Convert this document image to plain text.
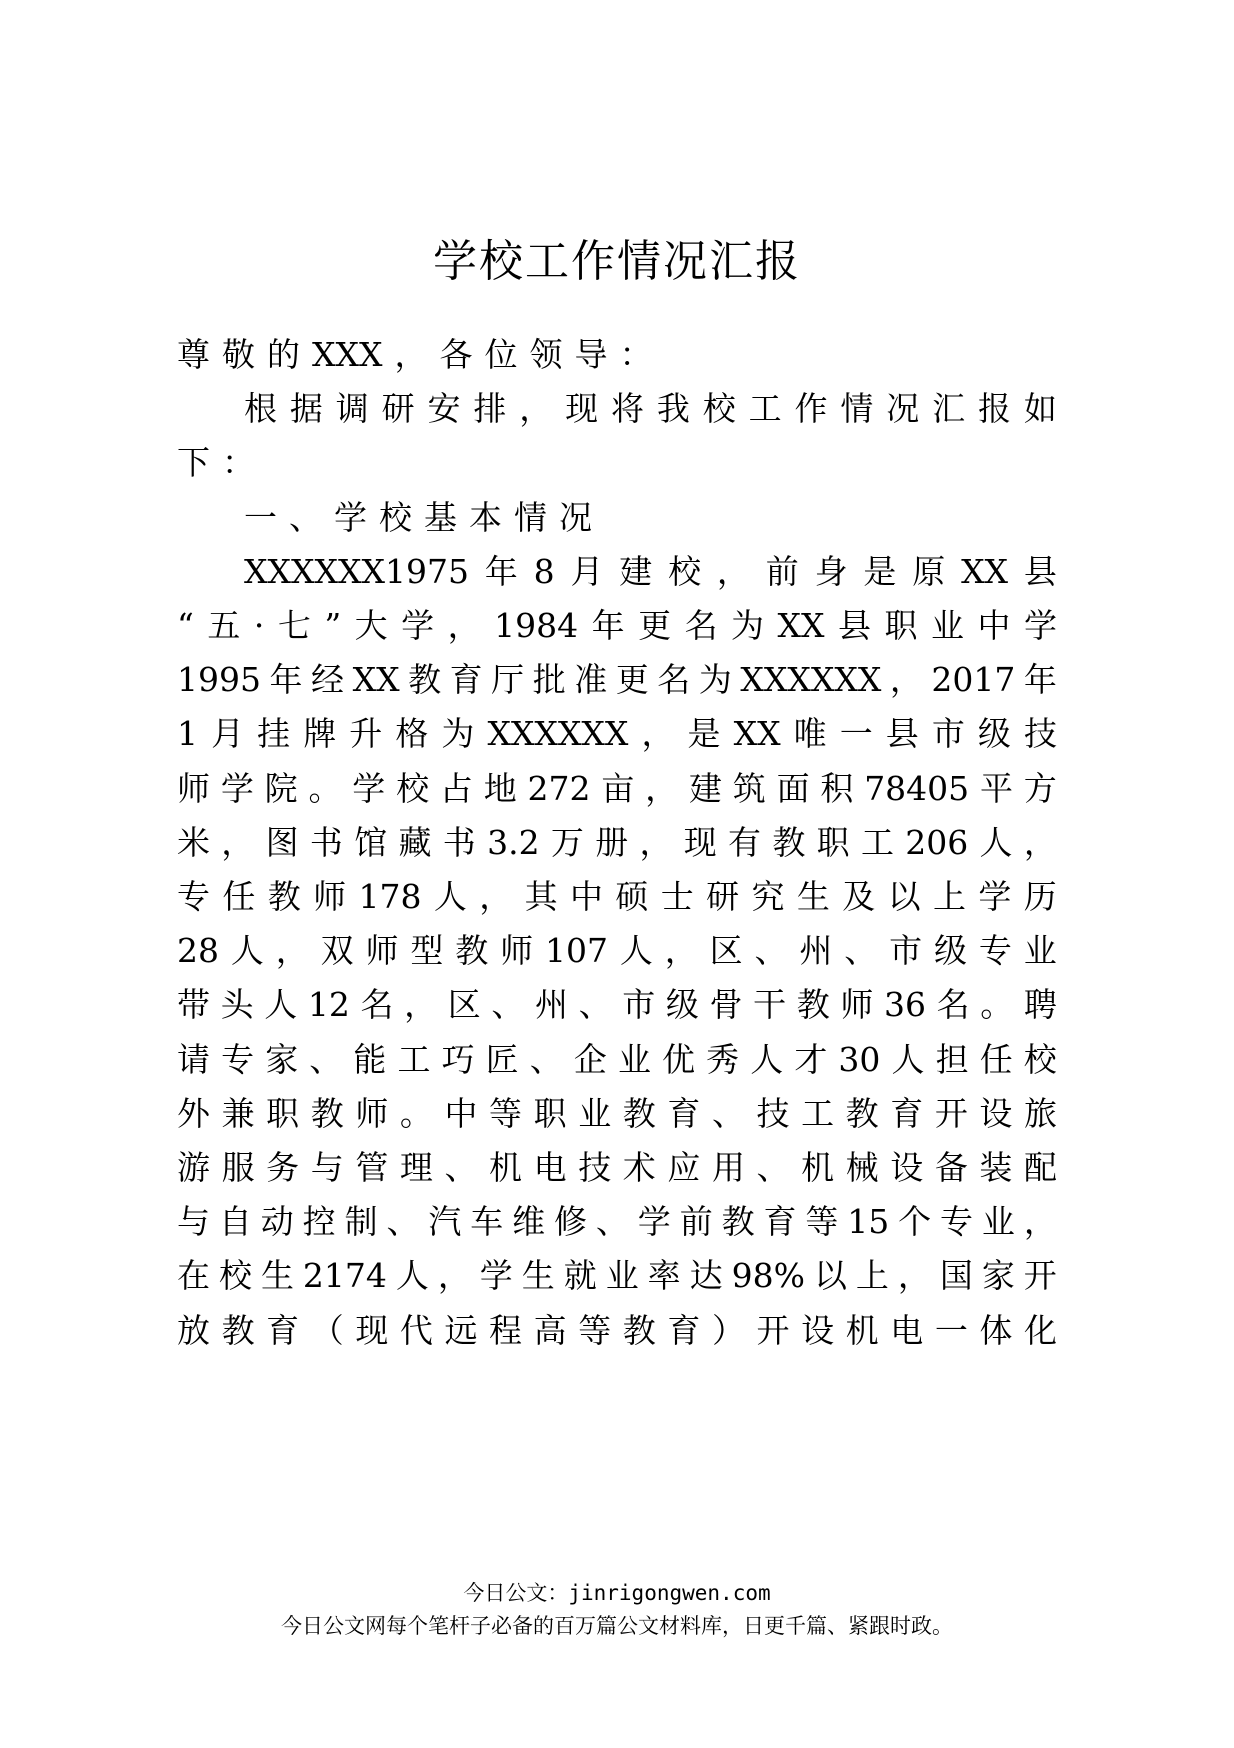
学校工作情况汇报
尊 敬 的 XXX ， 各 位 领 导 ：
根 据 调 研 安 排 ， 现 将 我 校 工 作 情 况 汇 报 如
下 ：
一 、 学 校 基 本 情 况
XXXXXX1975 年 8 月 建 校 ， 前 身 是 原 XX 县
“ 五 · 七 ” 大 学 ， 1984 年 更 名 为 XX 县 职 业 中 学
1995 年 经 XX 教 育 厅 批 准 更 名 为 XXXXXX ， 2017 年
1 月 挂 牌 升 格 为 XXXXXX ， 是 XX 唯 一 县 市 级 技
师 学 院 。 学 校 占 地 272 亩 ， 建 筑 面 积 78405 平 方
米 ， 图 书 馆 藏 书 3.2 万 册 ， 现 有 教 职 工 206 人 ，
专 任 教 师 178 人 ， 其 中 硕 士 研 究 生 及 以 上 学 历
28 人 ， 双 师 型 教 师 107 人 ， 区 、 州 、 市 级 专 业
带 头 人 12 名 ， 区 、 州 、 市 级 骨 干 教 师 36 名 。 聘
请 专 家 、 能 工 巧 匠 、 企 业 优 秀 人 才 30 人 担 任 校
外 兼 职 教 师 。 中 等 职 业 教 育 、 技 工 教 育 开 设 旅
游 服 务 与 管 理 、 机 电 技 术 应 用 、 机 械 设 备 装 配
与 自 动 控 制 、 汽 车 维 修 、 学 前 教 育 等 15 个 专 业 ，
在 校 生 2174 人 ， 学 生 就 业 率 达 98% 以 上 ， 国 家 开
放 教 育 （ 现 代 远 程 高 等 教 育 ） 开 设 机 电 一 体 化
今日公文：jinrigongwen.com
今日公文网每个笔杆子必备的百万篇公文材料库，日更千篇、紧跟时政。
